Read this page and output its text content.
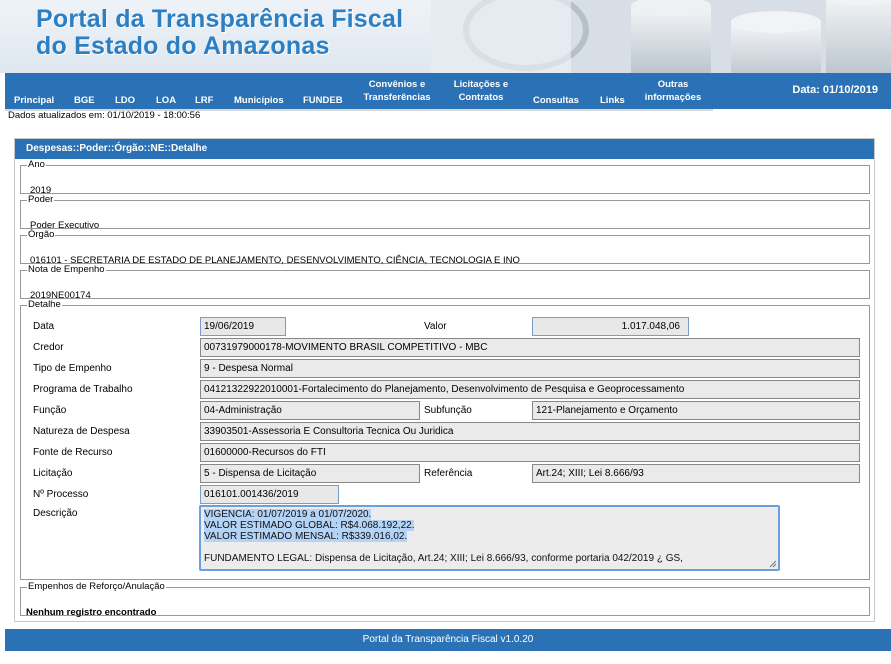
Portal da Transparência Fiscal
do Estado do Amazonas
Principal BGE LDO LOA LRF Municípios FUNDEB
Convênios e
Transferências
Licitações e
Contratos	Consultas Links
Outras
informações
Data: 01/10/2019
Dados atualizados em: 01/10/2019 - 18:00:56
Despesas::Poder::Órgão::NE::Detalhe
Ano
2019
Poder
Poder Executivo
Órgão
016101 - SECRETARIA DE ESTADO DE PLANEJAMENTO, DESENVOLVIMENTO, CIÊNCIA, TECNOLOGIA E INO
Nota de Empenho
2019NE00174
Detalhe
Data	19/06/2019	Valor	1.017.048,06
Credor	00731979000178-MOVIMENTO BRASIL COMPETITIVO - MBC
Tipo de Empenho	9 - Despesa Normal
Programa de Trabalho	04121322922010001-Fortalecimento do Planejamento, Desenvolvimento de Pesquisa e Geoprocessamento
Função	04-Administração	Subfunção	121-Planejamento e Orçamento
Natureza de Despesa	33903501-Assessoria E Consultoria Tecnica Ou Juridica
Fonte de Recurso	01600000-Recursos do FTI
Licitação	5 - Dispensa de Licitação	Referência	Art.24; XIII; Lei 8.666/93
Nº Processo	016101.001436/2019
Descrição	VIGÊNCIA: 01/07/2019 a 01/07/2020.
VALOR ESTIMADO GLOBAL: R$4.068.192,22.
VALOR ESTIMADO MENSAL: R$339.016,02.

FUNDAMENTO LEGAL: Dispensa de Licitação, Art.24; XIII; Lei 8.666/93, conforme portaria 042/2019 ¿ GS,
Empenhos de Reforço/Anulação
Nenhum registro encontrado
Portal da Transparência Fiscal v1.0.20
